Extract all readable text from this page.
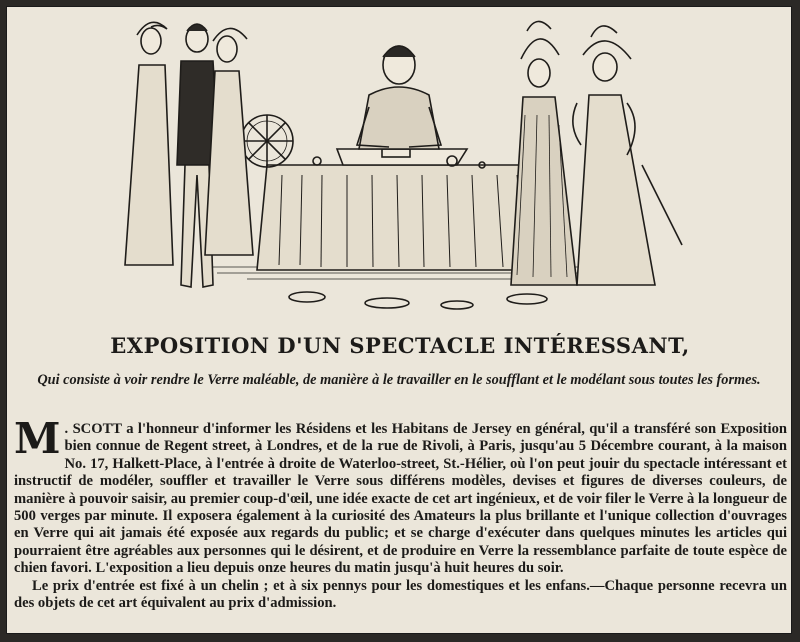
EXPOSITION D'UN SPECTACLE INTÉRESSANT,
Qui consiste à voir rendre le Verre maléable, de manière à le travailler en le soufflant et le modélant sous toutes les formes.

M . SCOTT a l'honneur d'informer les Résidens et les Habitans de Jersey en général, qu'il a transféré son Exposition bien connue de Regent street, à Londres, et de la rue de Rivoli, à Paris, jusqu'au 5 Décembre courant, à la maison No. 17, Halkett-Place, à l'entrée à droite de Waterloo-street, St.-Hélier, où l'on peut jouir du spectacle intéressant et instructif de modéler, souffler et travailler le Verre sous différens modèles, devises et figures de diverses couleurs, de manière à pouvoir saisir, au premier coup-d'œil, une idée exacte de cet art ingénieux, et de voir filer le Verre à la longueur de 500 verges par minute. Il exposera également à la curiosité des Amateurs la plus brillante et l'unique collection d'ouvrages en Verre qui ait jamais été exposée aux regards du public; et se charge d'exécuter dans quelques minutes les articles qui pourraient être agréables aux personnes qui le désirent, et de produire en Verre la ressemblance parfaite de toute espèce de chien favori. L'exposition a lieu depuis onze heures du matin jusqu'à huit heures du soir.

Le prix d'entrée est fixé à un chelin ; et à six pennys pour les domestiques et les enfans.—Chaque personne recevra un des objets de cet art équivalent au prix d'admission.
